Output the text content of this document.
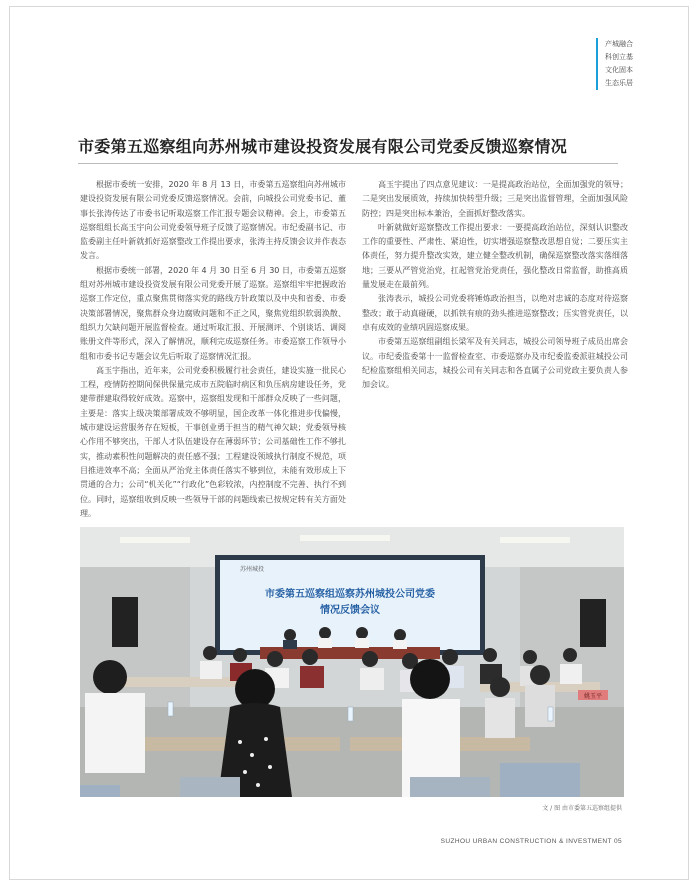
产城融合
科创立基
文化固本
生态乐居
市委第五巡察组向苏州城市建设投资发展有限公司党委反馈巡察情况

根据市委统一安排，2020 年 8 月 13 日，市委第五巡察组向苏州城市建设投资发展有限公司党委反馈巡察情况。会前，向城投公司党委书记、董事长张涛传达了市委书记听取巡察工作汇报专题会议精神。会上，市委第五巡察组组长高玉宇向公司党委领导班子反馈了巡察情况。市纪委副书记、市监委副主任叶新就抓好巡察整改工作提出要求，张涛主持反馈会议并作表态发言。

根据市委统一部署，2020 年 4 月 30 日至 6 月 30 日，市委第五巡察组对苏州城市建设投资发展有限公司党委开展了巡察。巡察组牢牢把握政治巡察工作定位，重点聚焦贯彻落实党的路线方针政策以及中央和省委、市委决策部署情况，聚焦群众身边腐败问题和不正之风，聚焦党组织软弱涣散、组织力欠缺问题开展监督检查。通过听取汇报、开展测评、个别谈话、调阅账册文件等形式，深入了解情况，顺利完成巡察任务。市委巡察工作领导小组和市委书记专题会议先后听取了巡察情况汇报。

高玉宇指出，近年来，公司党委积极履行社会责任，建设实施一批民心工程，疫情防控期间保供保量完成市五院临时病区和负压病房建设任务，党建带群建取得较好成效。巡察中，巡察组发现和干部群众反映了一些问题，主要是：落实上级决策部署成效不够明显，国企改革一体化推进步伐偏慢，城市建设运营服务存在短板，干事创业勇于担当的精气神欠缺；党委领导核心作用不够突出，干部人才队伍建设存在薄弱环节；公司基础性工作不够扎实，推动素积性问题解决的责任感不强；工程建设领域执行制度不规范，项目推进效率不高；全面从严治党主体责任落实不够到位，未能有效形成上下贯通的合力；公司“机关化”“行政化”色彩较浓，内控制度不完善、执行不到位。同时，巡察组收到反映一些领导干部的问题线索已按规定转有关方面处理。

高玉宇提出了四点意见建议：一是提高政治站位，全面加强党的领导；二是突出发展质效，持续加快转型升级；三是突出监督管理，全面加强风险防控；四是突出标本兼治，全面抓好整改落实。

叶新就做好巡察整改工作提出要求：一要提高政治站位，深刻认识整改工作的重要性、严肃性、紧迫性，切实增强巡察整改思想自觉；二要压实主体责任，努力提升整改实效，建立健全整改机制，确保巡察整改落实落细落地；三要从严管党治党，扛起管党治党责任，强化整改日常监督，助推高质量发展走在最前列。

张涛表示，城投公司党委将锤炼政治担当，以绝对忠诚的态度对待巡察整改；敢于动真碰硬，以抓铁有痕的劲头推进巡察整改；压实管党责任，以卓有成效的业绩巩固巡察成果。

市委第五巡察组副组长梁军及有关同志，城投公司领导班子成员出席会议。市纪委监委第十一监督检查室、市委巡察办及市纪委监委派驻城投公司纪检监察组相关同志，城投公司有关同志和各直属子公司党政主要负责人参加会议。

苏州城投
市委第五巡察组巡察苏州城投公司党委
情况反馈会议
姚玉平
文 / 图 由市委第五巡察组提供
SUZHOU URBAN CONSTRUCTION & INVESTMENT 05
